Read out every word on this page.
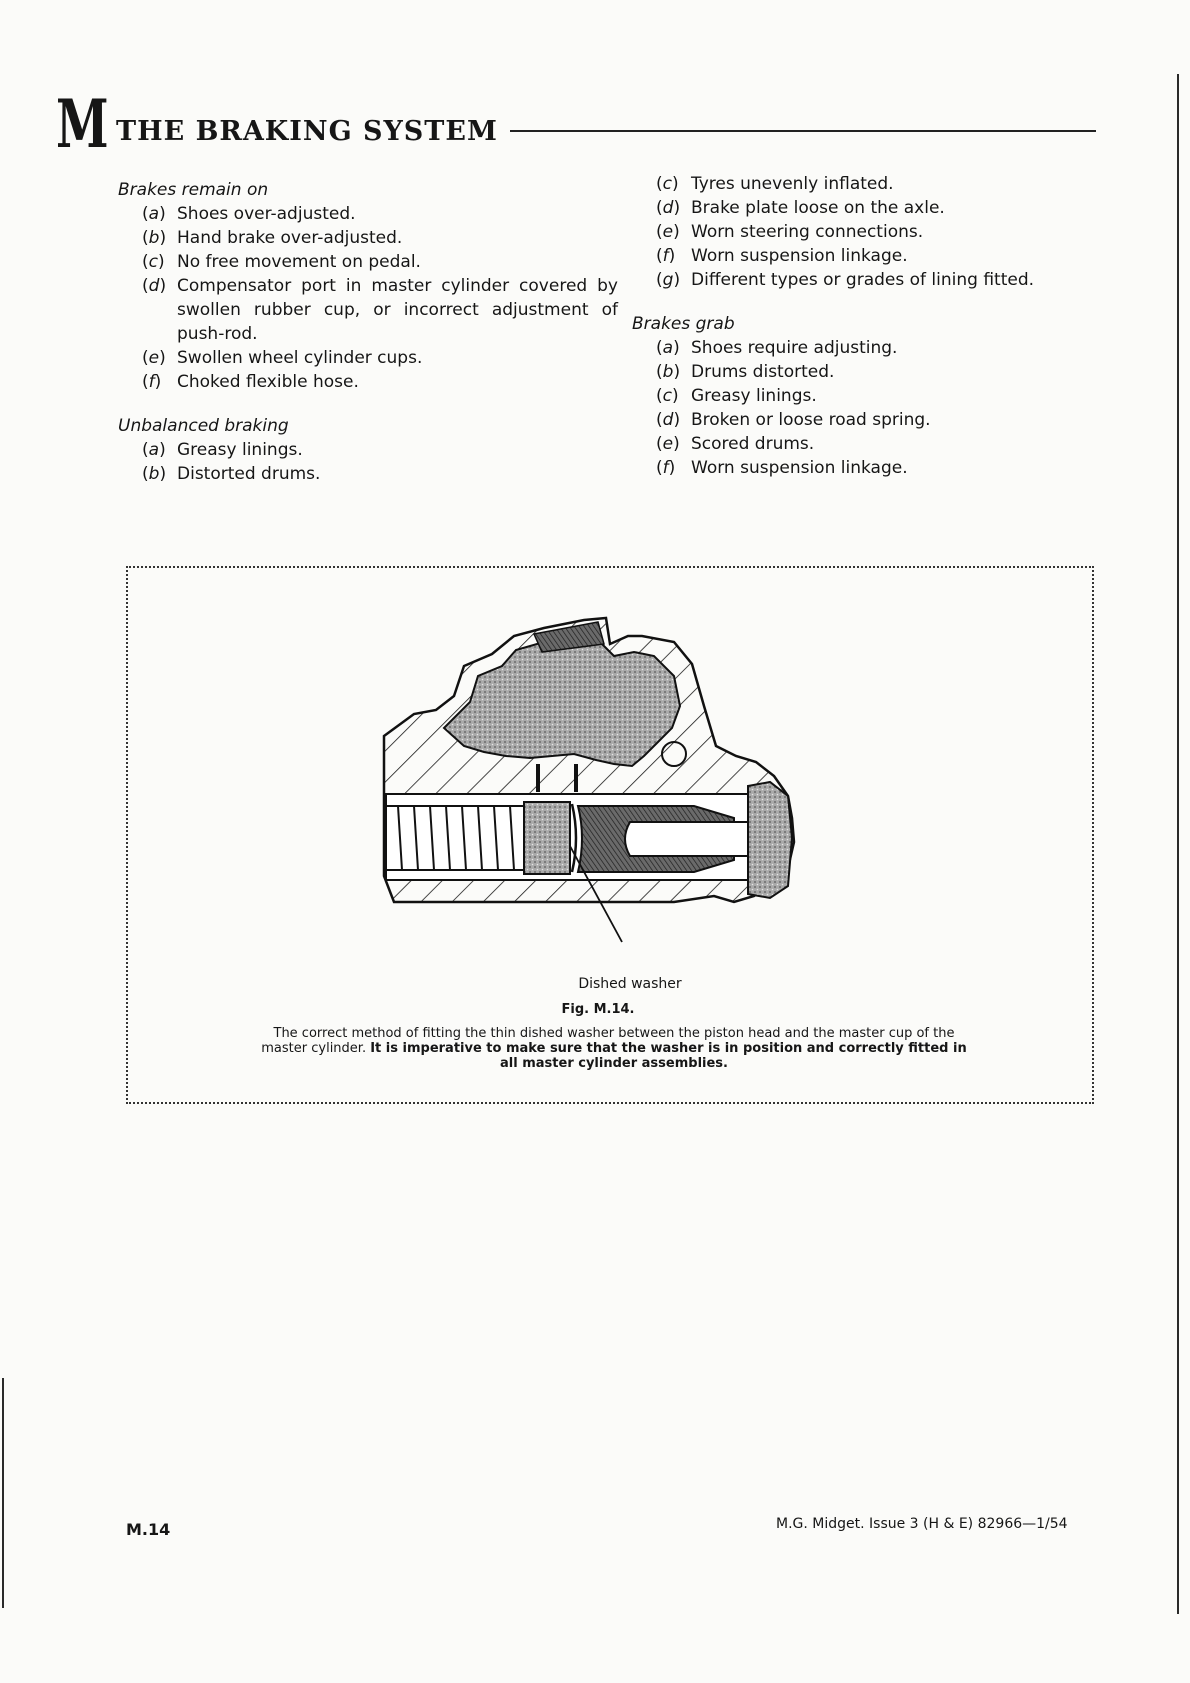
M THE BRAKING SYSTEM
Brakes remain on
(a) Shoes over-adjusted.
(b) Hand brake over-adjusted.
(c) No free movement on pedal.
(d) Compensator port in master cylinder covered by swollen rubber cup, or incorrect adjustment of push-rod.
(e) Swollen wheel cylinder cups.
(f) Choked flexible hose.
Unbalanced braking
(a) Greasy linings.
(b) Distorted drums.
(c) Tyres unevenly inflated.
(d) Brake plate loose on the axle.
(e) Worn steering connections.
(f) Worn suspension linkage.
(g) Different types or grades of lining fitted.
Brakes grab
(a) Shoes require adjusting.
(b) Drums distorted.
(c) Greasy linings.
(d) Broken or loose road spring.
(e) Scored drums.
(f) Worn suspension linkage.
Dished washer
Fig. M.14.
The correct method of fitting the thin dished washer between the piston head and the master cup of the master cylinder. It is imperative to make sure that the washer is in position and correctly fitted in all master cylinder assemblies.
M.14	M.G. Midget. Issue 3 (H & E) 82966—1/54
